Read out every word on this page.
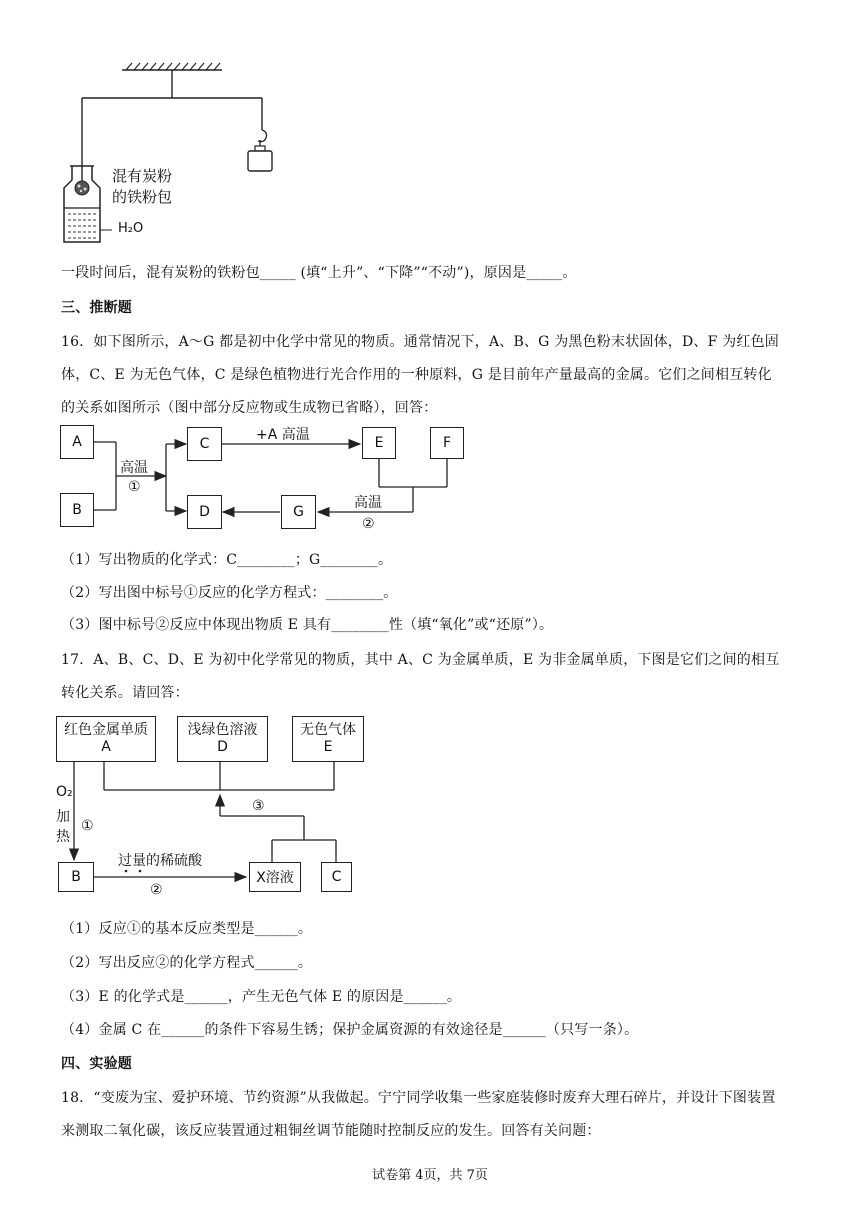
混有炭粉
的铁粉包
H₂O
一段时间后，混有炭粉的铁粉包_____ (填“上升”、“下降”“不动”)，原因是_____。
三、推断题
16．如下图所示，A～G 都是初中化学中常见的物质。通常情况下，A、B、G 为黑色粉末状固体，D、F 为红色固
体，C、E 为无色气体，C 是绿色植物进行光合作用的一种原料，G 是目前年产量最高的金属。它们之间相互转化
的关系如图所示（图中部分反应物或生成物已省略），回答：
A
B
C
D
E	F
G
高温
①
+A 高温
高温
②
（1）写出物质的化学式：C________；G________。
（2）写出图中标号①反应的化学方程式：________。
（3）图中标号②反应中体现出物质 E 具有________性（填“氧化”或“还原”）。
17．A、B、C、D、E 为初中化学常见的物质，其中 A、C 为金属单质，E 为非金属单质，下图是它们之间的相互
转化关系。请回答：
红色金属单质
A
浅绿色溶液
D
无色气体
E
B	X溶液	C
O₂
加
热
①
过量的稀硫酸
②
③
（1）反应①的基本反应类型是______。
（2）写出反应②的化学方程式______。
（3）E 的化学式是______，产生无色气体 E 的原因是______。
（4）金属 C 在______的条件下容易生锈；保护金属资源的有效途径是______（只写一条）。
四、实验题
18．“变废为宝、爱护环境、节约资源”从我做起。宁宁同学收集一些家庭装修时废弃大理石碎片，并设计下图装置
来测取二氧化碳，该反应装置通过粗铜丝调节能随时控制反应的发生。回答有关问题：
试卷第 4页，共 7页
